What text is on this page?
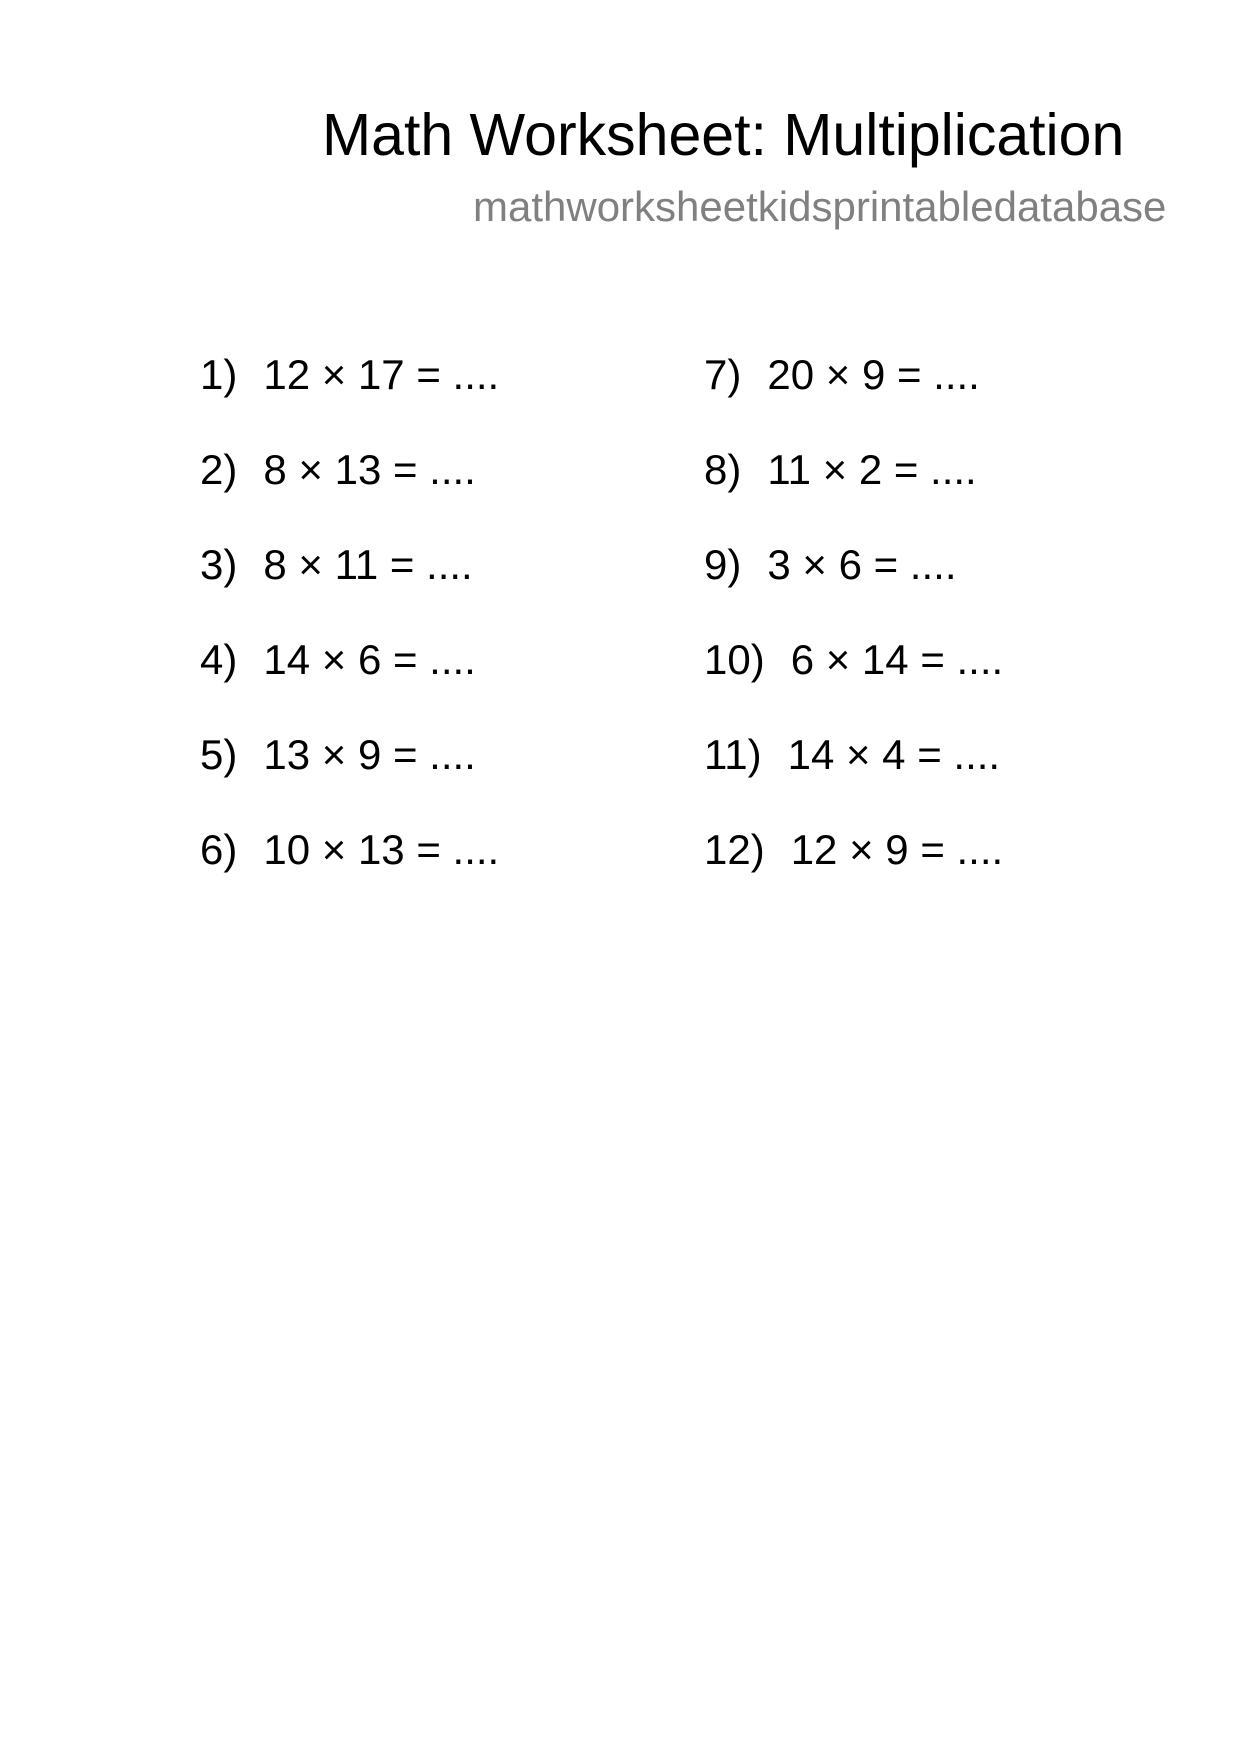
Math Worksheet: Multiplication
mathworksheetkidsprintabledatabase
1) 12 × 17 = ....
2) 8 × 13 = ....
3) 8 × 11 = ....
4) 14 × 6 = ....
5) 13 × 9 = ....
6) 10 × 13 = ....
7) 20 × 9 = ....
8) 11 × 2 = ....
9) 3 × 6 = ....
10) 6 × 14 = ....
11) 14 × 4 = ....
12) 12 × 9 = ....
